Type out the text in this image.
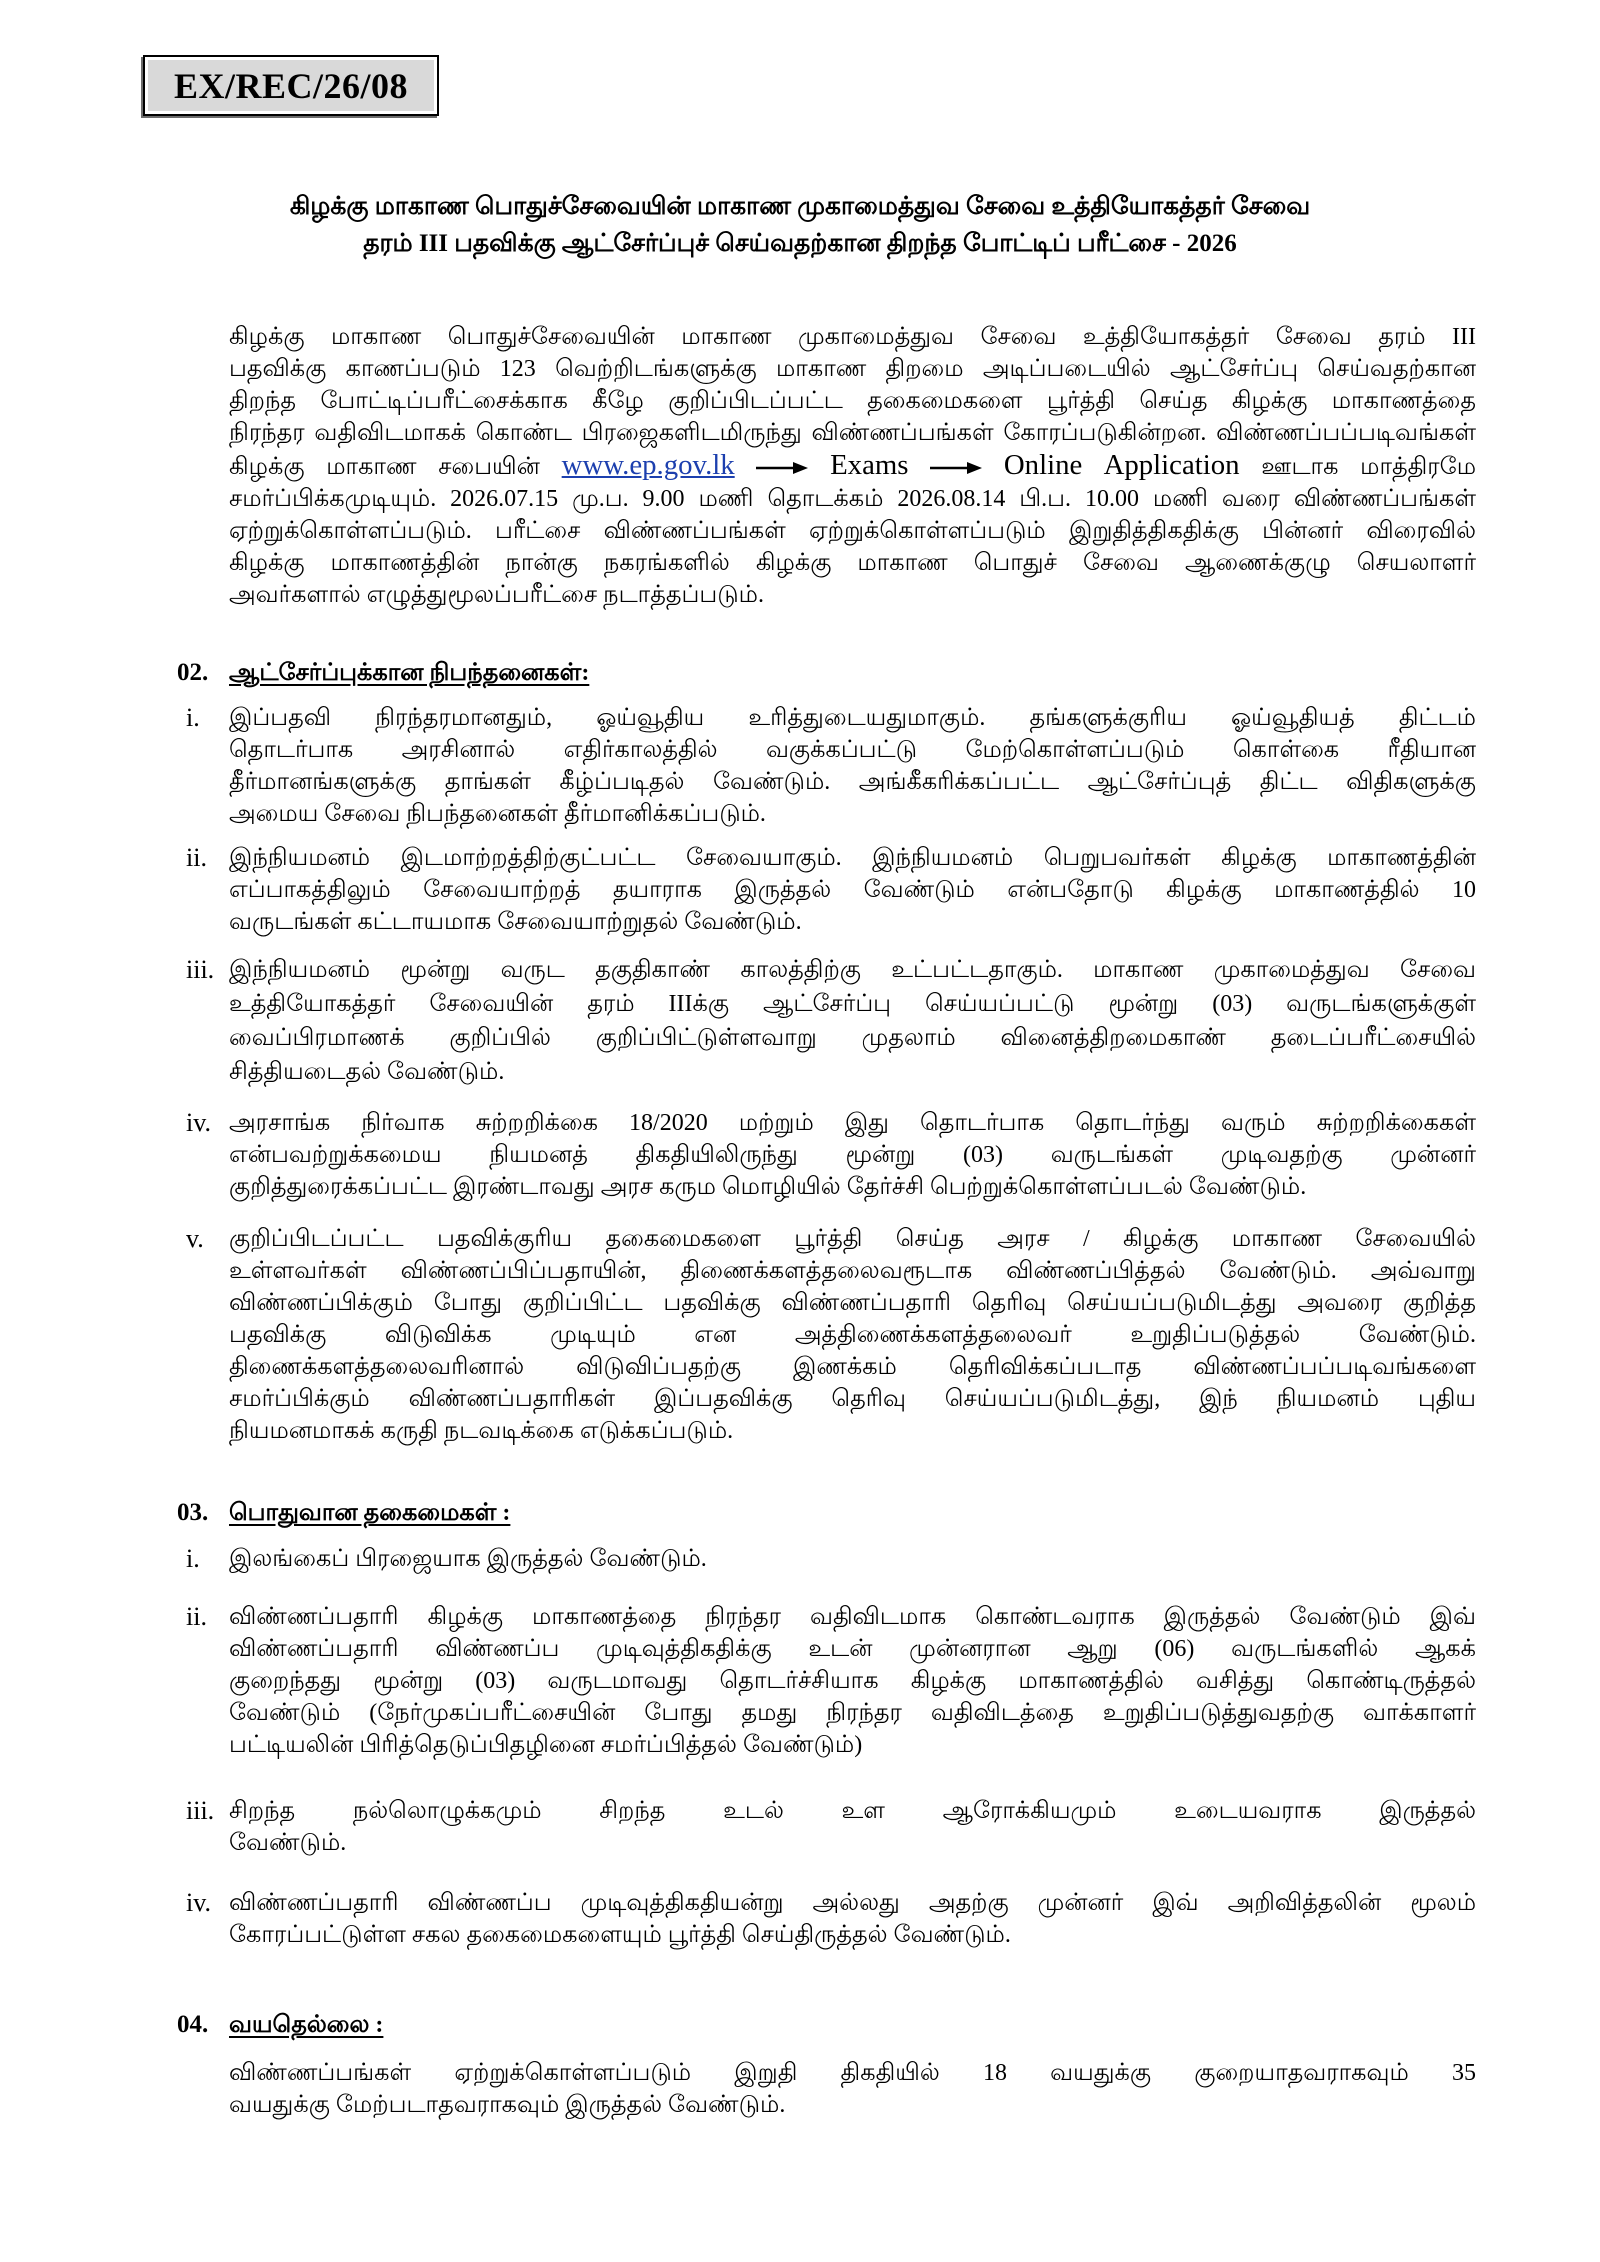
EX/REC/26/08
கிழக்கு மாகாண பொதுச்சேவையின் மாகாண முகாமைத்துவ சேவை உத்தியோகத்தர் சேவை
தரம் III பதவிக்கு ஆட்சேர்ப்புச் செய்வதற்கான திறந்த போட்டிப் பரீட்சை - 2026
கிழக்கு மாகாண பொதுச்சேவையின் மாகாண முகாமைத்துவ சேவை உத்தியோகத்தர் சேவை தரம் III
பதவிக்கு காணப்படும் 123 வெற்றிடங்களுக்கு மாகாண திறமை அடிப்படையில் ஆட்சேர்ப்பு செய்வதற்கான
திறந்த போட்டிப்பரீட்சைக்காக கீழே குறிப்பிடப்பட்ட தகைமைகளை பூர்த்தி செய்த கிழக்கு மாகாணத்தை
நிரந்தர வதிவிடமாகக் கொண்ட பிரஜைகளிடமிருந்து விண்ணப்பங்கள் கோரப்படுகின்றன. விண்ணப்பப்படிவங்கள்
கிழக்கு மாகாண சபையின் www.ep.gov.lk	Exams	Online Application ஊடாக மாத்திரமே
சமர்ப்பிக்கமுடியும். 2026.07.15 மு.ப. 9.00 மணி தொடக்கம் 2026.08.14 பி.ப. 10.00 மணி வரை விண்ணப்பங்கள்
ஏற்றுக்கொள்ளப்படும். பரீட்சை விண்ணப்பங்கள் ஏற்றுக்கொள்ளப்படும் இறுதித்திகதிக்கு பின்னர் விரைவில்
கிழக்கு மாகாணத்தின் நான்கு நகரங்களில் கிழக்கு மாகாண பொதுச் சேவை ஆணைக்குழு செயலாளர்
அவர்களால் எழுத்துமூலப்பரீட்சை நடாத்தப்படும்.
02. ஆட்சேர்ப்புக்கான நிபந்தனைகள்:
i. இப்பதவி நிரந்தரமானதும், ஓய்வூதிய உரித்துடையதுமாகும். தங்களுக்குரிய ஓய்வூதியத் திட்டம்
தொடர்பாக அரசினால் எதிர்காலத்தில் வகுக்கப்பட்டு மேற்கொள்ளப்படும் கொள்கை ரீதியான
தீர்மானங்களுக்கு தாங்கள் கீழ்ப்படிதல் வேண்டும். அங்கீகரிக்கப்பட்ட ஆட்சேர்ப்புத் திட்ட விதிகளுக்கு
அமைய சேவை நிபந்தனைகள் தீர்மானிக்கப்படும்.
ii. இந்நியமனம் இடமாற்றத்திற்குட்பட்ட சேவையாகும். இந்நியமனம் பெறுபவர்கள் கிழக்கு மாகாணத்தின்
எப்பாகத்திலும் சேவையாற்றத் தயாராக இருத்தல் வேண்டும் என்பதோடு கிழக்கு மாகாணத்தில் 10
வருடங்கள் கட்டாயமாக சேவையாற்றுதல் வேண்டும்.
iii. இந்நியமனம் மூன்று வருட தகுதிகாண் காலத்திற்கு உட்பட்டதாகும். மாகாண முகாமைத்துவ சேவை
உத்தியோகத்தர் சேவையின் தரம் IIIக்கு ஆட்சேர்ப்பு செய்யப்பட்டு மூன்று (03) வருடங்களுக்குள்
வைப்பிரமாணக் குறிப்பில் குறிப்பிட்டுள்ளவாறு முதலாம் வினைத்திறமைகாண் தடைப்பரீட்சையில்
சித்தியடைதல் வேண்டும்.
iv. அரசாங்க நிர்வாக சுற்றறிக்கை 18/2020 மற்றும் இது தொடர்பாக தொடர்ந்து வரும் சுற்றறிக்கைகள்
என்பவற்றுக்கமைய நியமனத் திகதியிலிருந்து மூன்று (03) வருடங்கள் முடிவதற்கு முன்னர்
குறித்துரைக்கப்பட்ட இரண்டாவது அரச கரும மொழியில் தேர்ச்சி பெற்றுக்கொள்ளப்படல் வேண்டும்.
v. குறிப்பிடப்பட்ட பதவிக்குரிய தகைமைகளை பூர்த்தி செய்த அரச / கிழக்கு மாகாண சேவையில்
உள்ளவர்கள் விண்ணப்பிப்பதாயின், திணைக்களத்தலைவரூடாக விண்ணப்பித்தல் வேண்டும். அவ்வாறு
விண்ணப்பிக்கும் போது குறிப்பிட்ட பதவிக்கு விண்ணப்பதாரி தெரிவு செய்யப்படுமிடத்து அவரை குறித்த
பதவிக்கு விடுவிக்க முடியும் என அத்திணைக்களத்தலைவர் உறுதிப்படுத்தல் வேண்டும்.
திணைக்களத்தலைவரினால் விடுவிப்பதற்கு இணக்கம் தெரிவிக்கப்படாத விண்ணப்பப்படிவங்களை
சமர்ப்பிக்கும் விண்ணப்பதாரிகள் இப்பதவிக்கு தெரிவு செய்யப்படுமிடத்து, இந் நியமனம் புதிய
நியமனமாகக் கருதி நடவடிக்கை எடுக்கப்படும்.
03. பொதுவான தகைமைகள் :
i. இலங்கைப் பிரஜையாக இருத்தல் வேண்டும்.
ii. விண்ணப்பதாரி கிழக்கு மாகாணத்தை நிரந்தர வதிவிடமாக கொண்டவராக இருத்தல் வேண்டும் இவ்
விண்ணப்பதாரி விண்ணப்ப முடிவுத்திகதிக்கு உடன் முன்னரான ஆறு (06) வருடங்களில் ஆகக்
குறைந்தது மூன்று (03) வருடமாவது தொடர்ச்சியாக கிழக்கு மாகாணத்தில் வசித்து கொண்டிருத்தல்
வேண்டும் (நேர்முகப்பரீட்சையின் போது தமது நிரந்தர வதிவிடத்தை உறுதிப்படுத்துவதற்கு வாக்காளர்
பட்டியலின் பிரித்தெடுப்பிதழினை சமர்ப்பித்தல் வேண்டும்)
iii. சிறந்த நல்லொழுக்கமும் சிறந்த உடல் உள ஆரோக்கியமும் உடையவராக இருத்தல்
வேண்டும்.
iv. விண்ணப்பதாரி விண்ணப்ப முடிவுத்திகதியன்று அல்லது அதற்கு முன்னர் இவ் அறிவித்தலின் மூலம்
கோரப்பட்டுள்ள சகல தகைமைகளையும் பூர்த்தி செய்திருத்தல் வேண்டும்.
04. வயதெல்லை :
விண்ணப்பங்கள் ஏற்றுக்கொள்ளப்படும் இறுதி திகதியில் 18 வயதுக்கு குறையாதவராகவும் 35
வயதுக்கு மேற்படாதவராகவும் இருத்தல் வேண்டும்.
